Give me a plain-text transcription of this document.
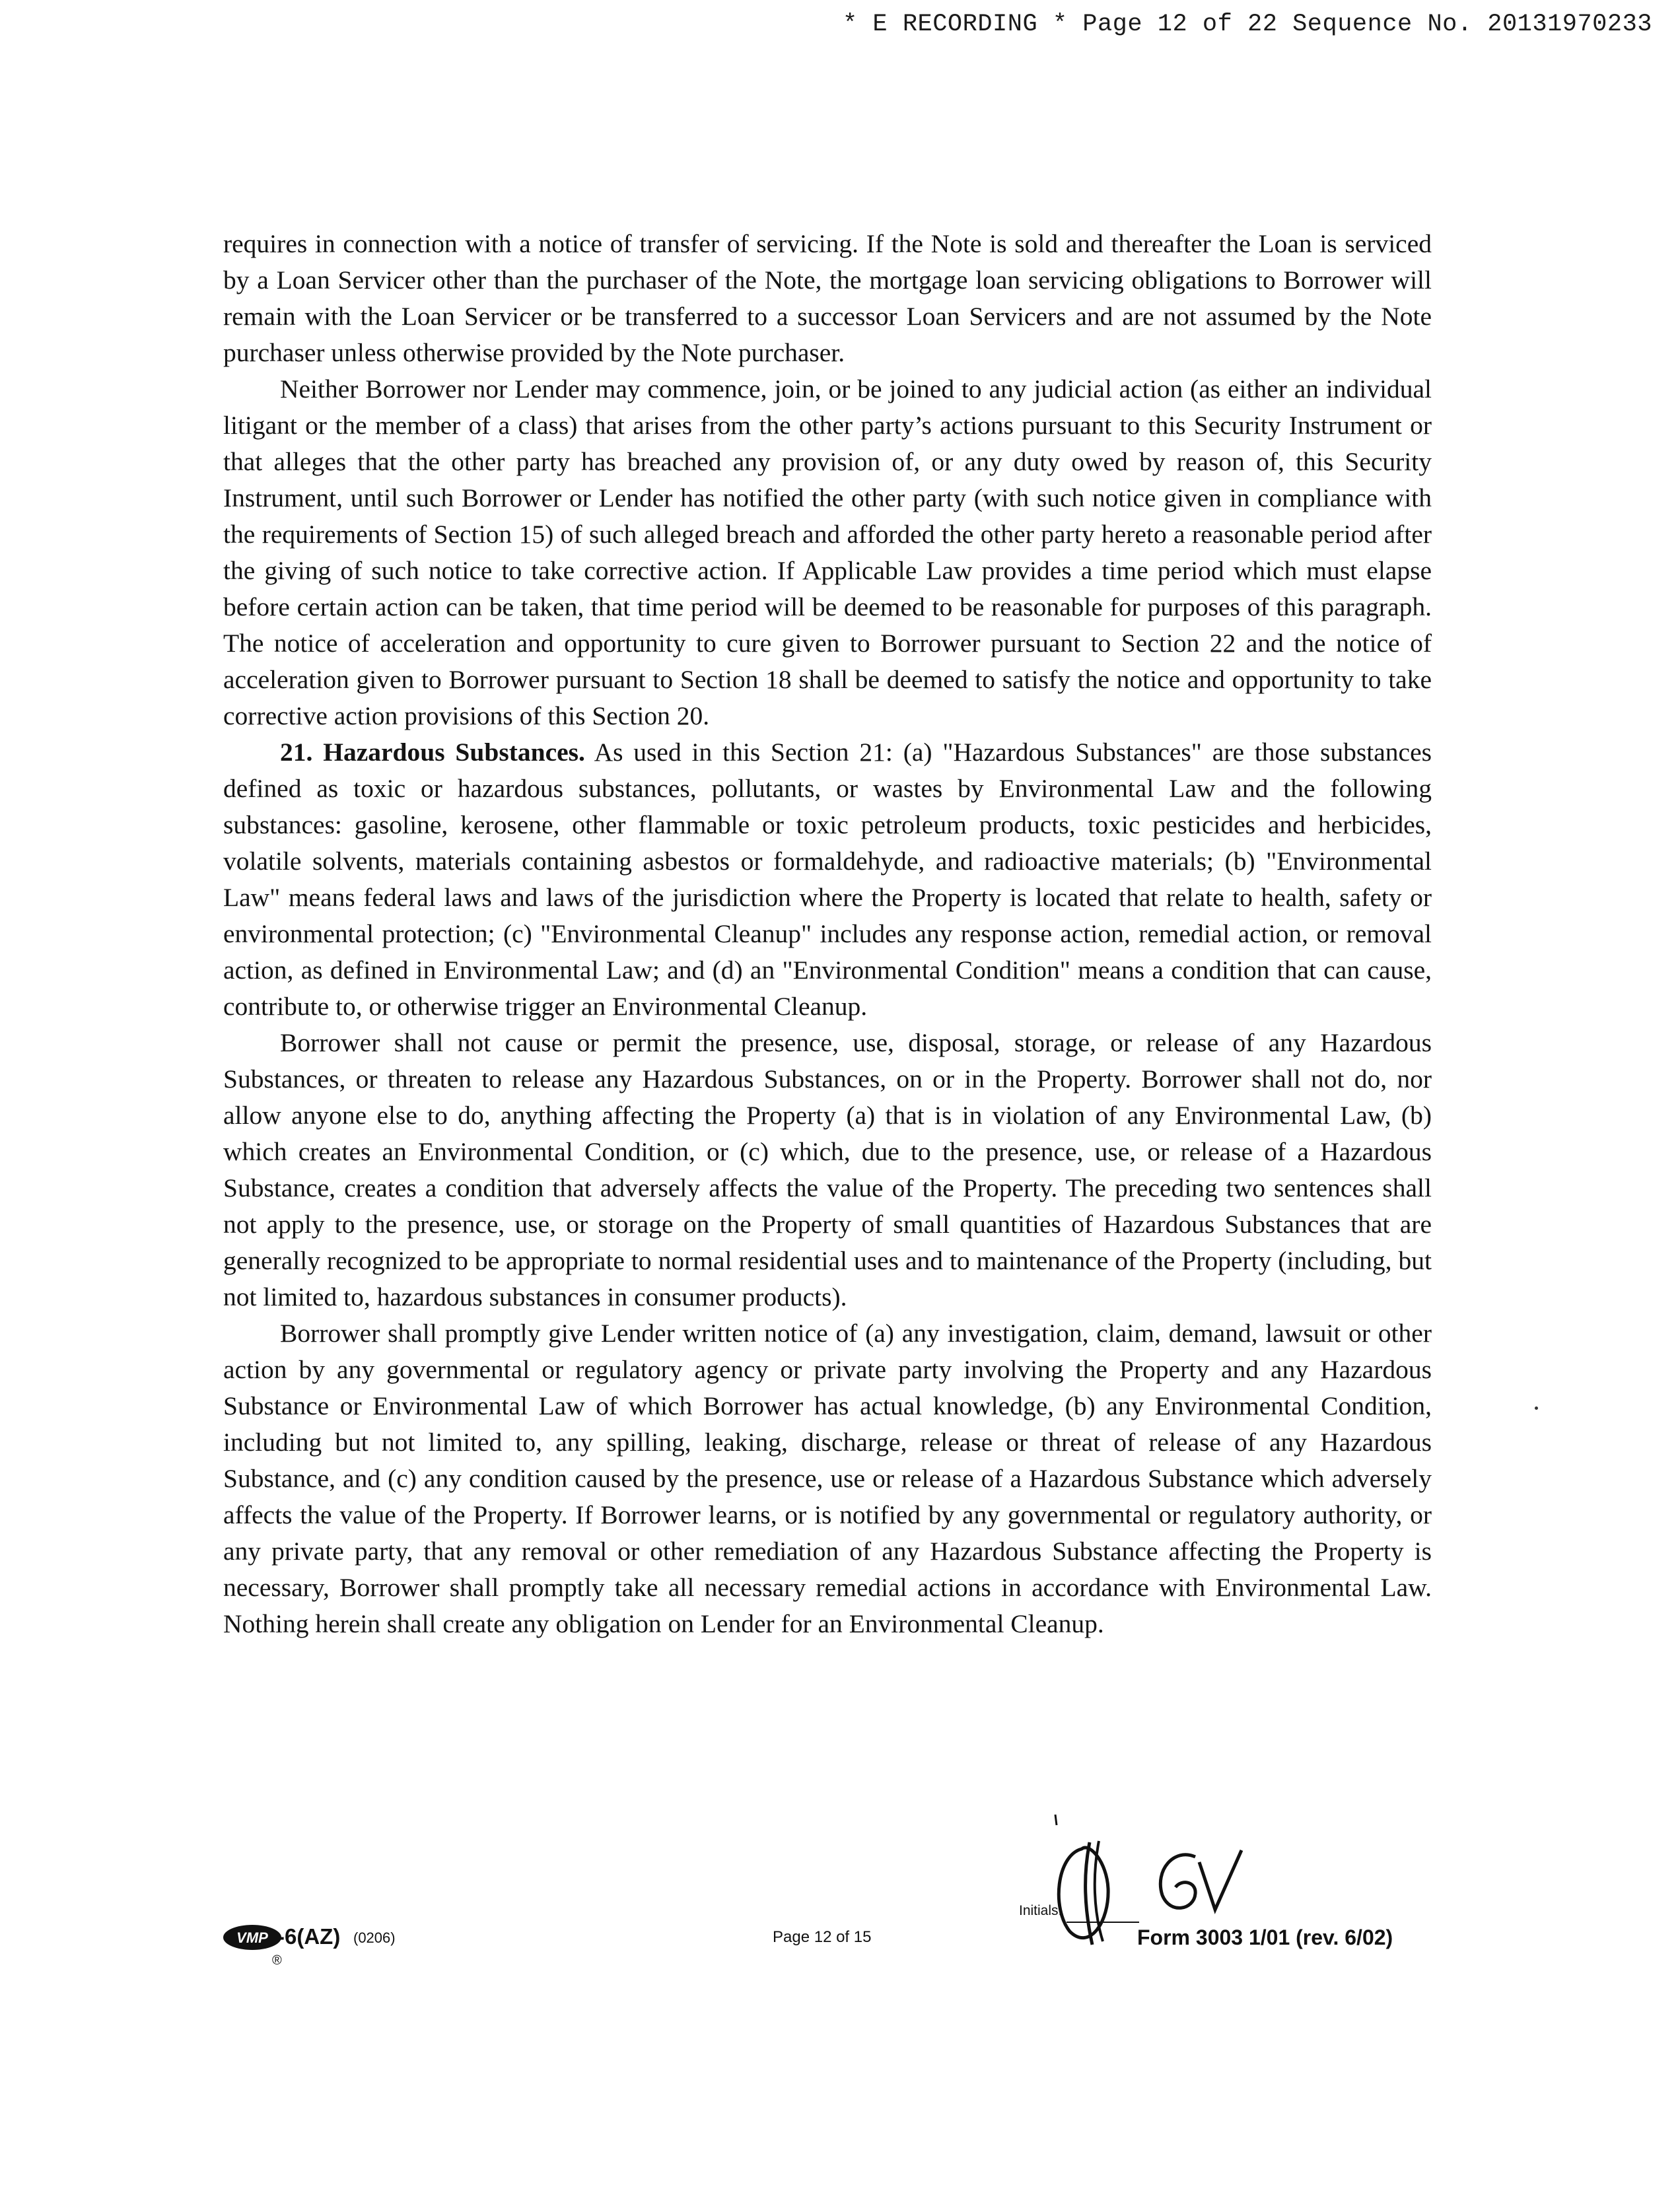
* E RECORDING * Page 12 of 22 Sequence No. 20131970233

requires in connection with a notice of transfer of servicing. If the Note is sold and thereafter the Loan is serviced by a Loan Servicer other than the purchaser of the Note, the mortgage loan servicing obligations to Borrower will remain with the Loan Servicer or be transferred to a successor Loan Servicers and are not assumed by the Note purchaser unless otherwise provided by the Note purchaser.

Neither Borrower nor Lender may commence, join, or be joined to any judicial action (as either an individual litigant or the member of a class) that arises from the other party’s actions pursuant to this Security Instrument or that alleges that the other party has breached any provision of, or any duty owed by reason of, this Security Instrument, until such Borrower or Lender has notified the other party (with such notice given in compliance with the requirements of Section 15) of such alleged breach and afforded the other party hereto a reasonable period after the giving of such notice to take corrective action. If Applicable Law provides a time period which must elapse before certain action can be taken, that time period will be deemed to be reasonable for purposes of this paragraph. The notice of acceleration and opportunity to cure given to Borrower pursuant to Section 22 and the notice of acceleration given to Borrower pursuant to Section 18 shall be deemed to satisfy the notice and opportunity to take corrective action provisions of this Section 20.

21. Hazardous Substances. As used in this Section 21: (a) "Hazardous Substances" are those substances defined as toxic or hazardous substances, pollutants, or wastes by Environmental Law and the following substances: gasoline, kerosene, other flammable or toxic petroleum products, toxic pesticides and herbicides, volatile solvents, materials containing asbestos or formaldehyde, and radioactive materials; (b) "Environmental Law" means federal laws and laws of the jurisdiction where the Property is located that relate to health, safety or environmental protection; (c) "Environmental Cleanup" includes any response action, remedial action, or removal action, as defined in Environmental Law; and (d) an "Environmental Condition" means a condition that can cause, contribute to, or otherwise trigger an Environmental Cleanup.

Borrower shall not cause or permit the presence, use, disposal, storage, or release of any Hazardous Substances, or threaten to release any Hazardous Substances, on or in the Property. Borrower shall not do, nor allow anyone else to do, anything affecting the Property (a) that is in violation of any Environmental Law, (b) which creates an Environmental Condition, or (c) which, due to the presence, use, or release of a Hazardous Substance, creates a condition that adversely affects the value of the Property. The preceding two sentences shall not apply to the presence, use, or storage on the Property of small quantities of Hazardous Substances that are generally recognized to be appropriate to normal residential uses and to maintenance of the Property (including, but not limited to, hazardous substances in consumer products).

Borrower shall promptly give Lender written notice of (a) any investigation, claim, demand, lawsuit or other action by any governmental or regulatory agency or private party involving the Property and any Hazardous Substance or Environmental Law of which Borrower has actual knowledge, (b) any Environmental Condition, including but not limited to, any spilling, leaking, discharge, release or threat of release of any Hazardous Substance, and (c) any condition caused by the presence, use or release of a Hazardous Substance which adversely affects the value of the Property. If Borrower learns, or is notified by any governmental or regulatory authority, or any private party, that any removal or other remediation of any Hazardous Substance affecting the Property is necessary, Borrower shall promptly take all necessary remedial actions in accordance with Environmental Law. Nothing herein shall create any obligation on Lender for an Environmental Cleanup.

VMP -6(AZ) (0206)
®
Page 12 of 15
Initials:
Form 3003 1/01 (rev. 6/02)
